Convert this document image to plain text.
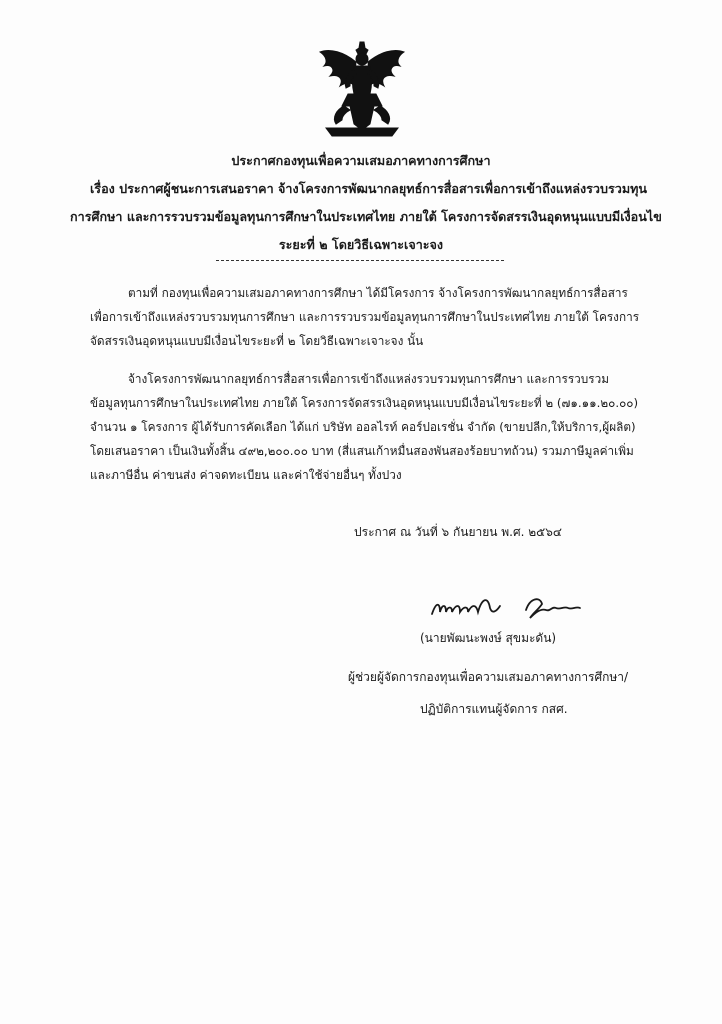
ประกาศกองทุนเพื่อความเสมอภาคทางการศึกษา
เรื่อง ประกาศผู้ชนะการเสนอราคา จ้างโครงการพัฒนากลยุทธ์การสื่อสารเพื่อการเข้าถึงแหล่งรวบรวมทุน
การศึกษา และการรวบรวมข้อมูลทุนการศึกษาในประเทศไทย ภายใต้ โครงการจัดสรรเงินอุดหนุนแบบมีเงื่อนไข
ระยะที่ ๒ โดยวิธีเฉพาะเจาะจง
ตามที่ กองทุนเพื่อความเสมอภาคทางการศึกษา ได้มีโครงการ จ้างโครงการพัฒนากลยุทธ์การสื่อสาร
เพื่อการเข้าถึงแหล่งรวบรวมทุนการศึกษา และการรวบรวมข้อมูลทุนการศึกษาในประเทศไทย ภายใต้ โครงการ
จัดสรรเงินอุดหนุนแบบมีเงื่อนไขระยะที่ ๒ โดยวิธีเฉพาะเจาะจง นั้น
จ้างโครงการพัฒนากลยุทธ์การสื่อสารเพื่อการเข้าถึงแหล่งรวบรวมทุนการศึกษา และการรวบรวม
ข้อมูลทุนการศึกษาในประเทศไทย ภายใต้ โครงการจัดสรรเงินอุดหนุนแบบมีเงื่อนไขระยะที่ ๒ (๗๑.๑๑.๒๐.๐๐)
จำนวน ๑ โครงการ ผู้ได้รับการคัดเลือก ได้แก่ บริษัท ออลไรท์ คอร์ปอเรชั่น จำกัด (ขายปลีก,ให้บริการ,ผู้ผลิต)
โดยเสนอราคา เป็นเงินทั้งสิ้น ๔๙๒,๒๐๐.๐๐ บาท (สี่แสนเก้าหมื่นสองพันสองร้อยบาทถ้วน) รวมภาษีมูลค่าเพิ่ม
และภาษีอื่น ค่าขนส่ง ค่าจดทะเบียน และค่าใช้จ่ายอื่นๆ ทั้งปวง
ประกาศ ณ วันที่ ๖ กันยายน พ.ศ. ๒๕๖๔
(นายพัฒนะพงษ์ สุขมะดัน)
ผู้ช่วยผู้จัดการกองทุนเพื่อความเสมอภาคทางการศึกษา/
ปฏิบัติการแทนผู้จัดการ กสศ.
